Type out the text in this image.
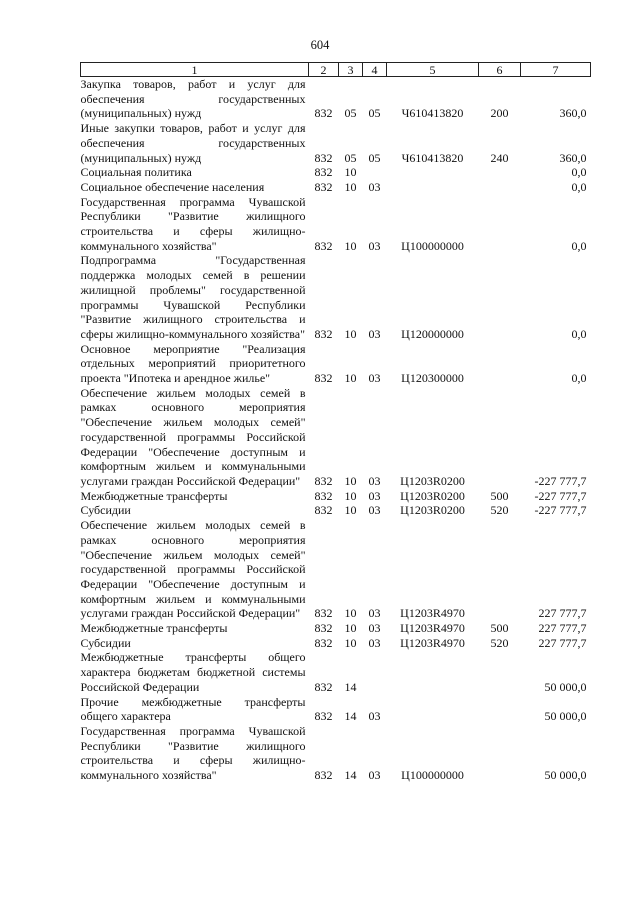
604
1	2	3	4	5	6	7
Закупка товаров, работ и услуг для обеспечения государственных (муниципальных) нужд	832	05	05	Ч610413820	200	360,0
Иные закупки товаров, работ и услуг для обеспечения государственных (муниципальных) нужд	832	05	05	Ч610413820	240	360,0
Социальная политика	832	10				0,0
Социальное обеспечение населения	832	10	03			0,0
Государственная программа Чувашской Республики "Развитие жилищного строительства и сферы жилищно-коммунального хозяйства"	832	10	03	Ц100000000		0,0
Подпрограмма "Государственная поддержка молодых семей в решении жилищной проблемы" государственной программы Чувашской Республики "Развитие жилищного строительства и сферы жилищно-коммунального хозяйства"	832	10	03	Ц120000000		0,0
Основное мероприятие "Реализация отдельных мероприятий приоритетного проекта "Ипотека и арендное жилье"	832	10	03	Ц120300000		0,0
Обеспечение жильем молодых семей в рамках основного мероприятия "Обеспечение жильем молодых семей" государственной программы Российской Федерации "Обеспечение доступным и комфортным жильем и коммунальными услугами граждан Российской Федерации"	832	10	03	Ц1203R0200		-227 777,7
Межбюджетные трансферты	832	10	03	Ц1203R0200	500	-227 777,7
Субсидии	832	10	03	Ц1203R0200	520	-227 777,7
Обеспечение жильем молодых семей в рамках основного мероприятия "Обеспечение жильем молодых семей" государственной программы Российской Федерации "Обеспечение доступным и комфортным жильем и коммунальными услугами граждан Российской Федерации"	832	10	03	Ц1203R4970		227 777,7
Межбюджетные трансферты	832	10	03	Ц1203R4970	500	227 777,7
Субсидии	832	10	03	Ц1203R4970	520	227 777,7
Межбюджетные трансферты общего характера бюджетам бюджетной системы Российской Федерации	832	14				50 000,0
Прочие межбюджетные трансферты общего характера	832	14	03			50 000,0
Государственная программа Чувашской Республики "Развитие жилищного строительства и сферы жилищно-коммунального хозяйства"	832	14	03	Ц100000000		50 000,0
